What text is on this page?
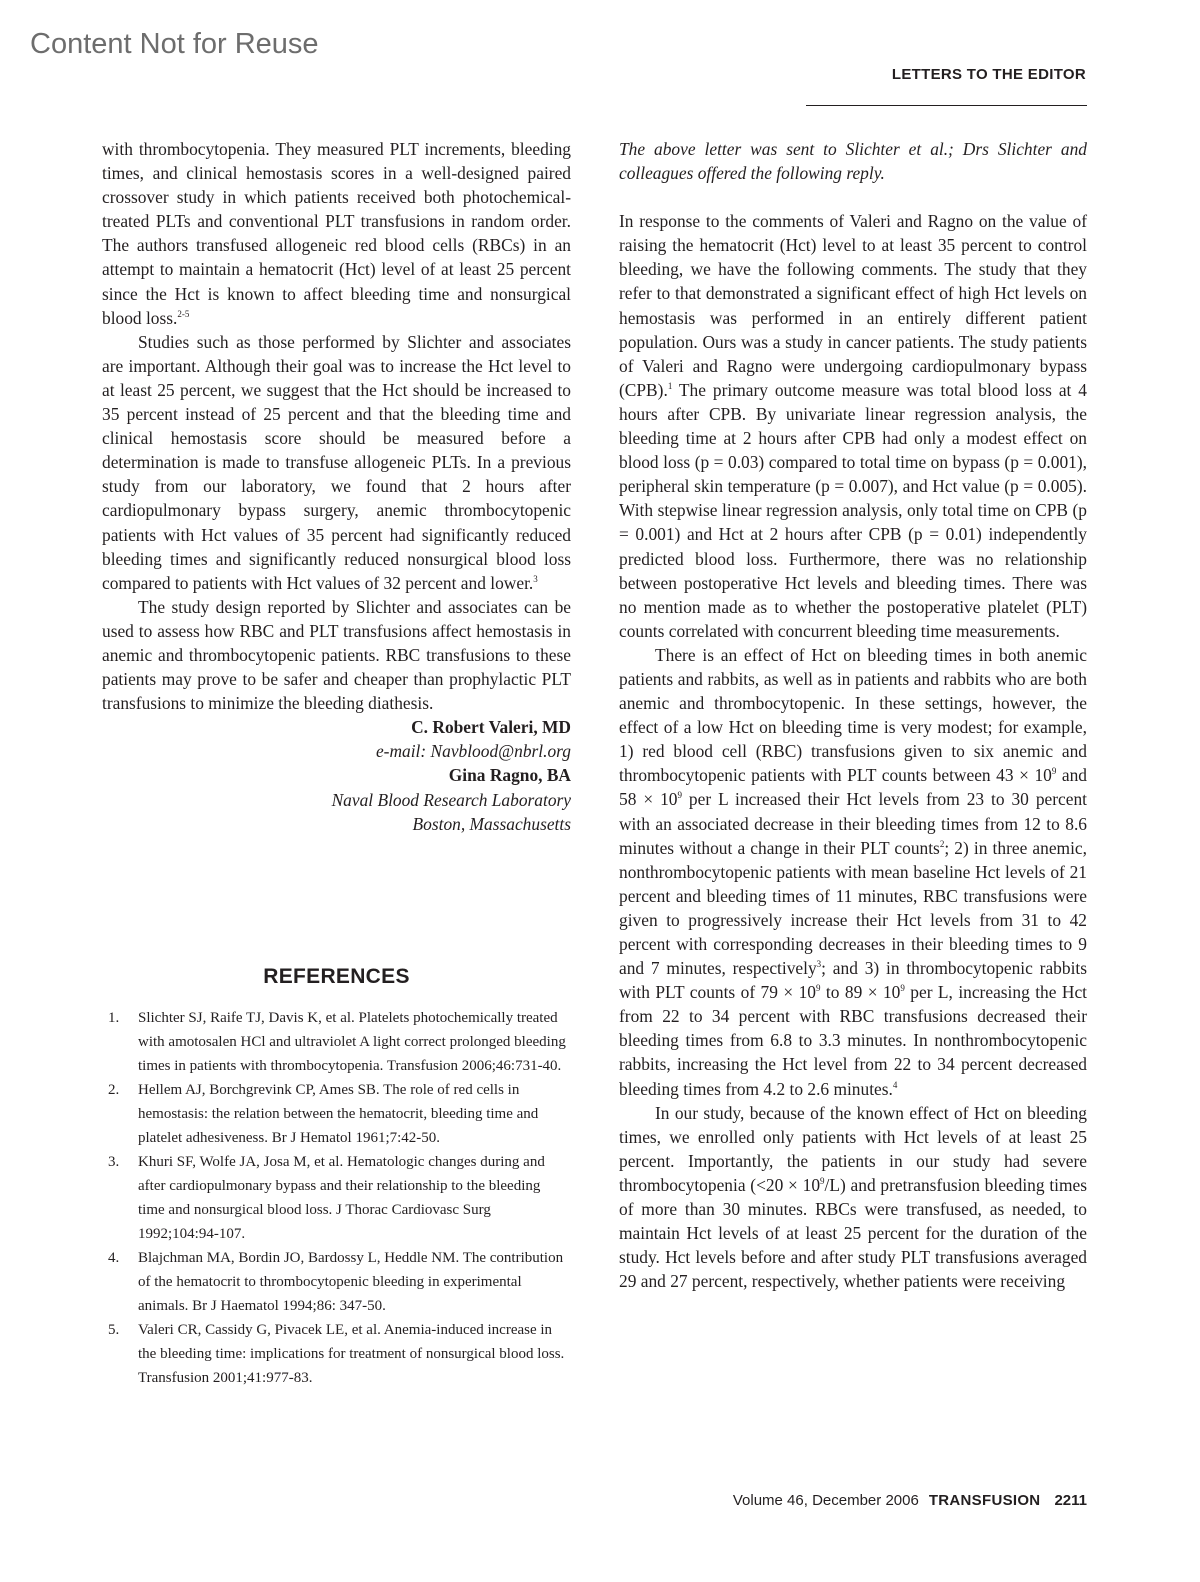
Content Not for Reuse
LETTERS TO THE EDITOR

with thrombocytopenia. They measured PLT increments, bleeding times, and clinical hemostasis scores in a well-designed paired crossover study in which patients received both photochemical-treated PLTs and conventional PLT transfusions in random order. The authors transfused allogeneic red blood cells (RBCs) in an attempt to maintain a hematocrit (Hct) level of at least 25 percent since the Hct is known to affect bleeding time and nonsurgical blood loss.$^{2-5}$

Studies such as those performed by Slichter and associates are important. Although their goal was to increase the Hct level to at least 25 percent, we suggest that the Hct should be increased to 35 percent instead of 25 percent and that the bleeding time and clinical hemostasis score should be measured before a determination is made to transfuse allogeneic PLTs. In a previous study from our laboratory, we found that 2 hours after cardiopulmonary bypass surgery, anemic thrombocytopenic patients with Hct values of 35 percent had significantly reduced bleeding times and significantly reduced nonsurgical blood loss compared to patients with Hct values of 32 percent and lower.$^3$

The study design reported by Slichter and associates can be used to assess how RBC and PLT transfusions affect hemostasis in anemic and thrombocytopenic patients. RBC transfusions to these patients may prove to be safer and cheaper than prophylactic PLT transfusions to minimize the bleeding diathesis.

C. Robert Valeri, MD
e-mail: Navblood@nbrl.org
Gina Ragno, BA
Naval Blood Research Laboratory
Boston, Massachusetts
REFERENCES
1. Slichter SJ, Raife TJ, Davis K, et al. Platelets photochemically treated with amotosalen HCl and ultraviolet A light correct prolonged bleeding times in patients with thrombocytopenia. Transfusion 2006;46:731-40.
2. Hellem AJ, Borchgrevink CP, Ames SB. The role of red cells in hemostasis: the relation between the hematocrit, bleeding time and platelet adhesiveness. Br J Hematol 1961;7:42-50.
3. Khuri SF, Wolfe JA, Josa M, et al. Hematologic changes during and after cardiopulmonary bypass and their relationship to the bleeding time and nonsurgical blood loss. J Thorac Cardiovasc Surg 1992;104:94-107.
4. Blajchman MA, Bordin JO, Bardossy L, Heddle NM. The contribution of the hematocrit to thrombocytopenic bleeding in experimental animals. Br J Haematol 1994;86: 347-50.
5. Valeri CR, Cassidy G, Pivacek LE, et al. Anemia-induced increase in the bleeding time: implications for treatment of nonsurgical blood loss. Transfusion 2001;41:977-83.

The above letter was sent to Slichter et al.; Drs Slichter and colleagues offered the following reply.

In response to the comments of Valeri and Ragno on the value of raising the hematocrit (Hct) level to at least 35 percent to control bleeding, we have the following comments. The study that they refer to that demonstrated a significant effect of high Hct levels on hemostasis was performed in an entirely different patient population. Ours was a study in cancer patients. The study patients of Valeri and Ragno were undergoing cardiopulmonary bypass (CPB).$^1$ The primary outcome measure was total blood loss at 4 hours after CPB. By univariate linear regression analysis, the bleeding time at 2 hours after CPB had only a modest effect on blood loss (p = 0.03) compared to total time on bypass (p = 0.001), peripheral skin temperature (p = 0.007), and Hct value (p = 0.005). With stepwise linear regression analysis, only total time on CPB (p = 0.001) and Hct at 2 hours after CPB (p = 0.01) independently predicted blood loss. Furthermore, there was no relationship between postoperative Hct levels and bleeding times. There was no mention made as to whether the postoperative platelet (PLT) counts correlated with concurrent bleeding time measurements.

There is an effect of Hct on bleeding times in both anemic patients and rabbits, as well as in patients and rabbits who are both anemic and thrombocytopenic. In these settings, however, the effect of a low Hct on bleeding time is very modest; for example, 1) red blood cell (RBC) transfusions given to six anemic and thrombocytopenic patients with PLT counts between $43 \times 10^9$ and $58 \times 10^9$ per L increased their Hct levels from 23 to 30 percent with an associated decrease in their bleeding times from 12 to 8.6 minutes without a change in their PLT counts$^2$; 2) in three anemic, nonthrombocytopenic patients with mean baseline Hct levels of 21 percent and bleeding times of 11 minutes, RBC transfusions were given to progressively increase their Hct levels from 31 to 42 percent with corresponding decreases in their bleeding times to 9 and 7 minutes, respectively$^3$; and 3) in thrombocytopenic rabbits with PLT counts of $79 \times 10^9$ to $89 \times 10^9$ per L, increasing the Hct from 22 to 34 percent with RBC transfusions decreased their bleeding times from 6.8 to 3.3 minutes. In nonthrombocytopenic rabbits, increasing the Hct level from 22 to 34 percent decreased bleeding times from 4.2 to 2.6 minutes.$^4$

In our study, because of the known effect of Hct on bleeding times, we enrolled only patients with Hct levels of at least 25 percent. Importantly, the patients in our study had severe thrombocytopenia $(<20 \times 10^9/L)$ and pretransfusion bleeding times of more than 30 minutes. RBCs were transfused, as needed, to maintain Hct levels of at least 25 percent for the duration of the study. Hct levels before and after study PLT transfusions averaged 29 and 27 percent, respectively, whether patients were receiving

Volume 46, December 2006 TRANSFUSION 2211
